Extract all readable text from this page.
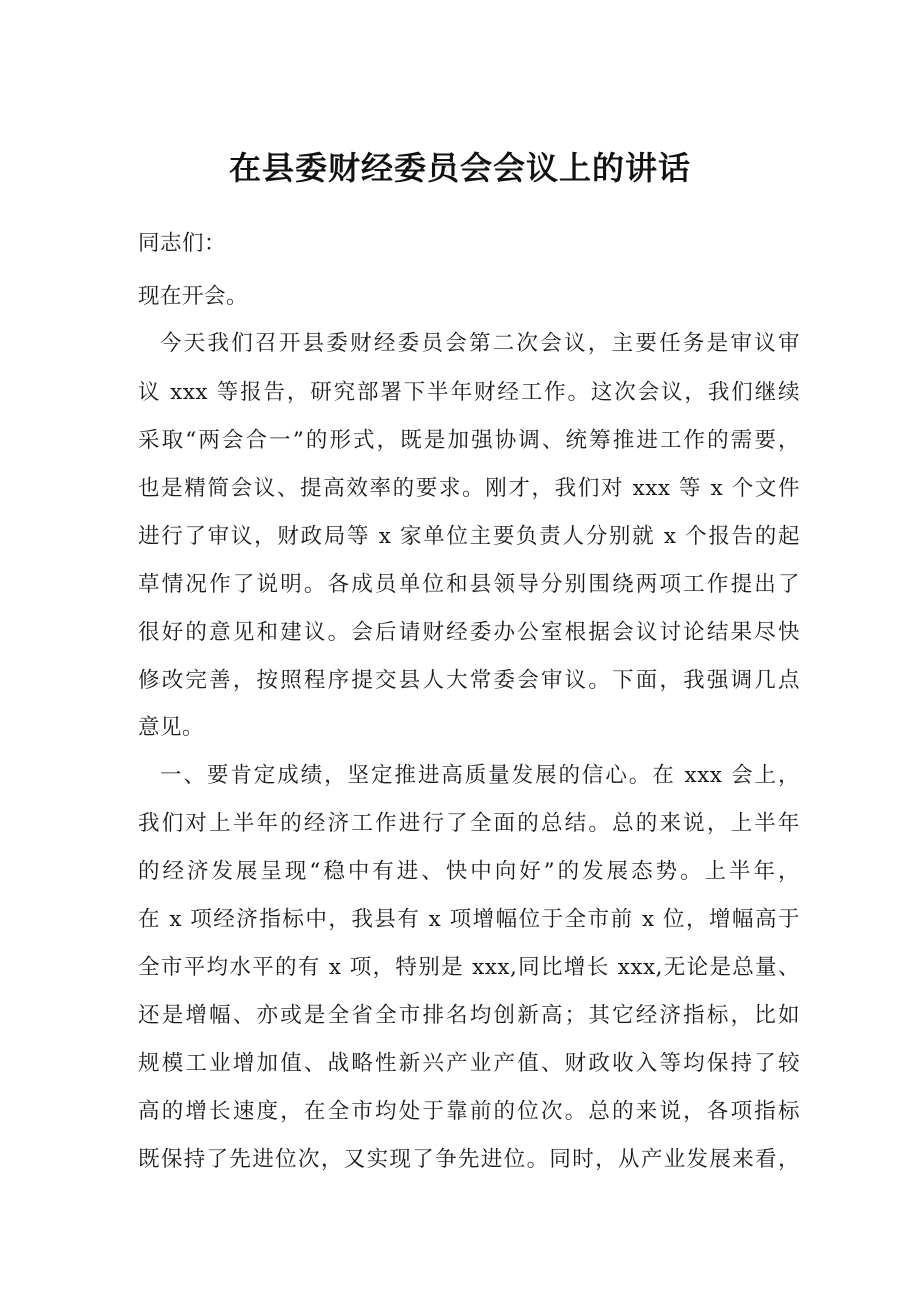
在县委财经委员会会议上的讲话
同志们：
现在开会。
今天我们召开县委财经委员会第二次会议，主要任务是审议审
议 xxx 等报告，研究部署下半年财经工作。这次会议，我们继续
采取“两会合一”的形式，既是加强协调、统筹推进工作的需要，
也是精简会议、提高效率的要求。刚才，我们对 xxx 等 x 个文件
进行了审议，财政局等 x 家单位主要负责人分别就 x 个报告的起
草情况作了说明。各成员单位和县领导分别围绕两项工作提出了
很好的意见和建议。会后请财经委办公室根据会议讨论结果尽快
修改完善，按照程序提交县人大常委会审议。下面，我强调几点
意见。
一、要肯定成绩，坚定推进高质量发展的信心。在 xxx 会上，
我们对上半年的经济工作进行了全面的总结。总的来说，上半年
的经济发展呈现“稳中有进、快中向好”的发展态势。上半年，
在 x 项经济指标中，我县有 x 项增幅位于全市前 x 位，增幅高于
全市平均水平的有 x 项，特别是 xxx,同比增长 xxx,无论是总量、
还是增幅、亦或是全省全市排名均创新高；其它经济指标，比如
规模工业增加值、战略性新兴产业产值、财政收入等均保持了较
高的增长速度，在全市均处于靠前的位次。总的来说，各项指标
既保持了先进位次，又实现了争先进位。同时，从产业发展来看，
